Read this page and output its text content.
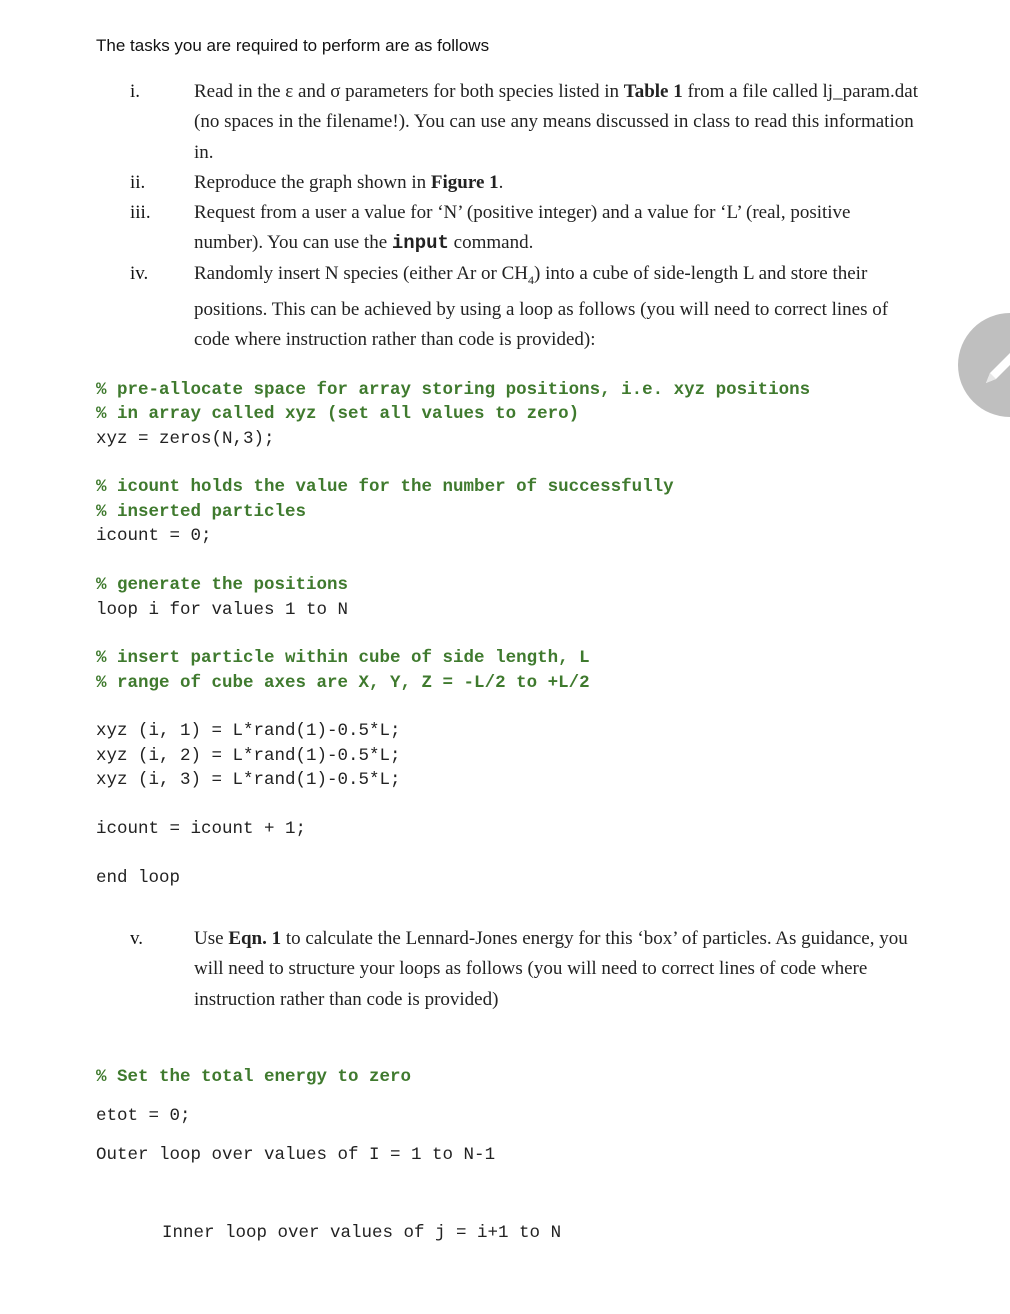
The tasks you are required to perform are as follows
i.	Read in the ε and σ parameters for both species listed in Table 1 from a file called lj_param.dat (no spaces in the filename!). You can use any means discussed in class to read this information in.
ii.	Reproduce the graph shown in Figure 1.
iii. Request from a user a value for ‘N’ (positive integer) and a value for ‘L’ (real, positive number). You can use the input command.
iv. Randomly insert N species (either Ar or $CH_4$) into a cube of side-length L and store their positions. This can be achieved by using a loop as follows (you will need to correct lines of code where instruction rather than code is provided):
% pre-allocate space for array storing positions, i.e. xyz positions
% in array called xyz (set all values to zero)
xyz = zeros(N,3);
% icount holds the value for the number of successfully
% inserted particles
icount = 0;
% generate the positions
loop i for values 1 to N
% insert particle within cube of side length, L
% range of cube axes are X, Y, Z = -L/2 to +L/2
xyz (i, 1) = L*rand(1)-0.5*L;
xyz (i, 2) = L*rand(1)-0.5*L;
xyz (i, 3) = L*rand(1)-0.5*L;
icount = icount + 1;
end loop
v.	Use Eqn. 1 to calculate the Lennard-Jones energy for this ‘box’ of particles. As guidance, you will need to structure your loops as follows (you will need to correct lines of code where instruction rather than code is provided)
% Set the total energy to zero
etot = 0;
Outer loop over values of I = 1 to N-1
Inner loop over values of j = i+1 to N
